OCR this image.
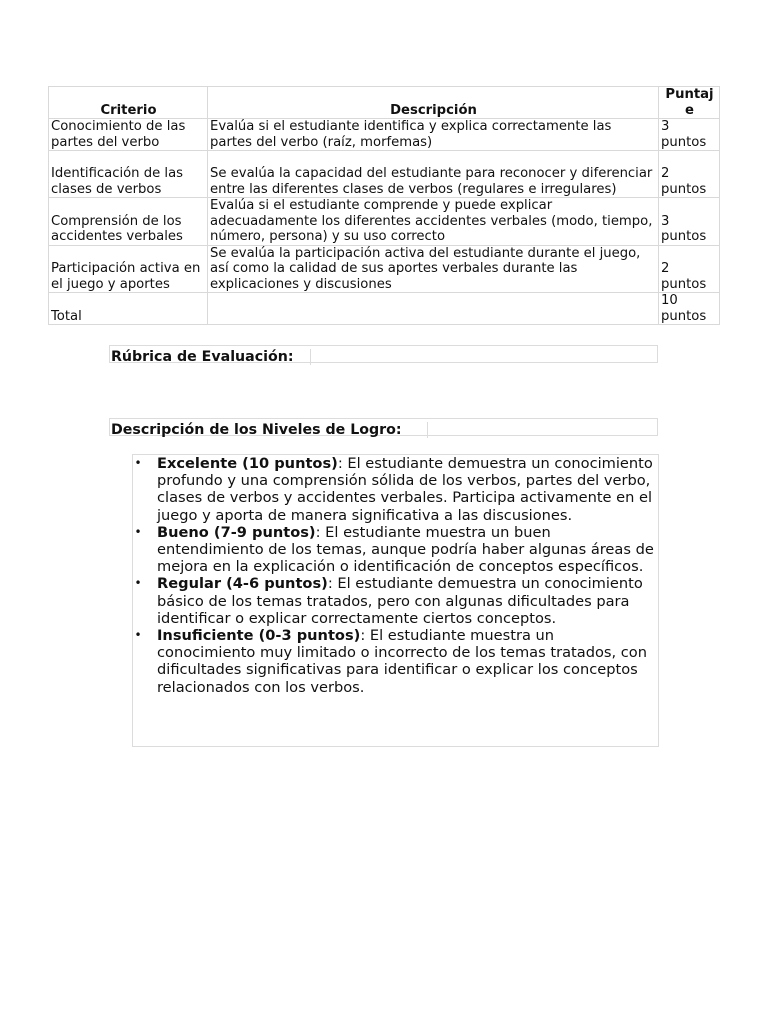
Criterio	Descripción	Puntaje
Conocimiento de las partes del verbo	Evalúa si el estudiante identifica y explica correctamente las partes del verbo (raíz, morfemas)	3 puntos
Identificación de las clases de verbos	Se evalúa la capacidad del estudiante para reconocer y diferenciar entre las diferentes clases de verbos (regulares e irregulares)	2 puntos
Comprensión de los accidentes verbales	Evalúa si el estudiante comprende y puede explicar adecuadamente los diferentes accidentes verbales (modo, tiempo, número, persona) y su uso correcto	3 puntos
Participación activa en el juego y aportes	Se evalúa la participación activa del estudiante durante el juego, así como la calidad de sus aportes verbales durante las explicaciones y discusiones	2 puntos
Total		10 puntos
Rúbrica de Evaluación:
Descripción de los Niveles de Logro:
• Excelente (10 puntos): El estudiante demuestra un conocimiento profundo y una comprensión sólida de los verbos, partes del verbo, clases de verbos y accidentes verbales. Participa activamente en el juego y aporta de manera significativa a las discusiones.
• Bueno (7-9 puntos): El estudiante muestra un buen entendimiento de los temas, aunque podría haber algunas áreas de mejora en la explicación o identificación de conceptos específicos.
• Regular (4-6 puntos): El estudiante demuestra un conocimiento básico de los temas tratados, pero con algunas dificultades para identificar o explicar correctamente ciertos conceptos.
• Insuficiente (0-3 puntos): El estudiante muestra un conocimiento muy limitado o incorrecto de los temas tratados, con dificultades significativas para identificar o explicar los conceptos relacionados con los verbos.
